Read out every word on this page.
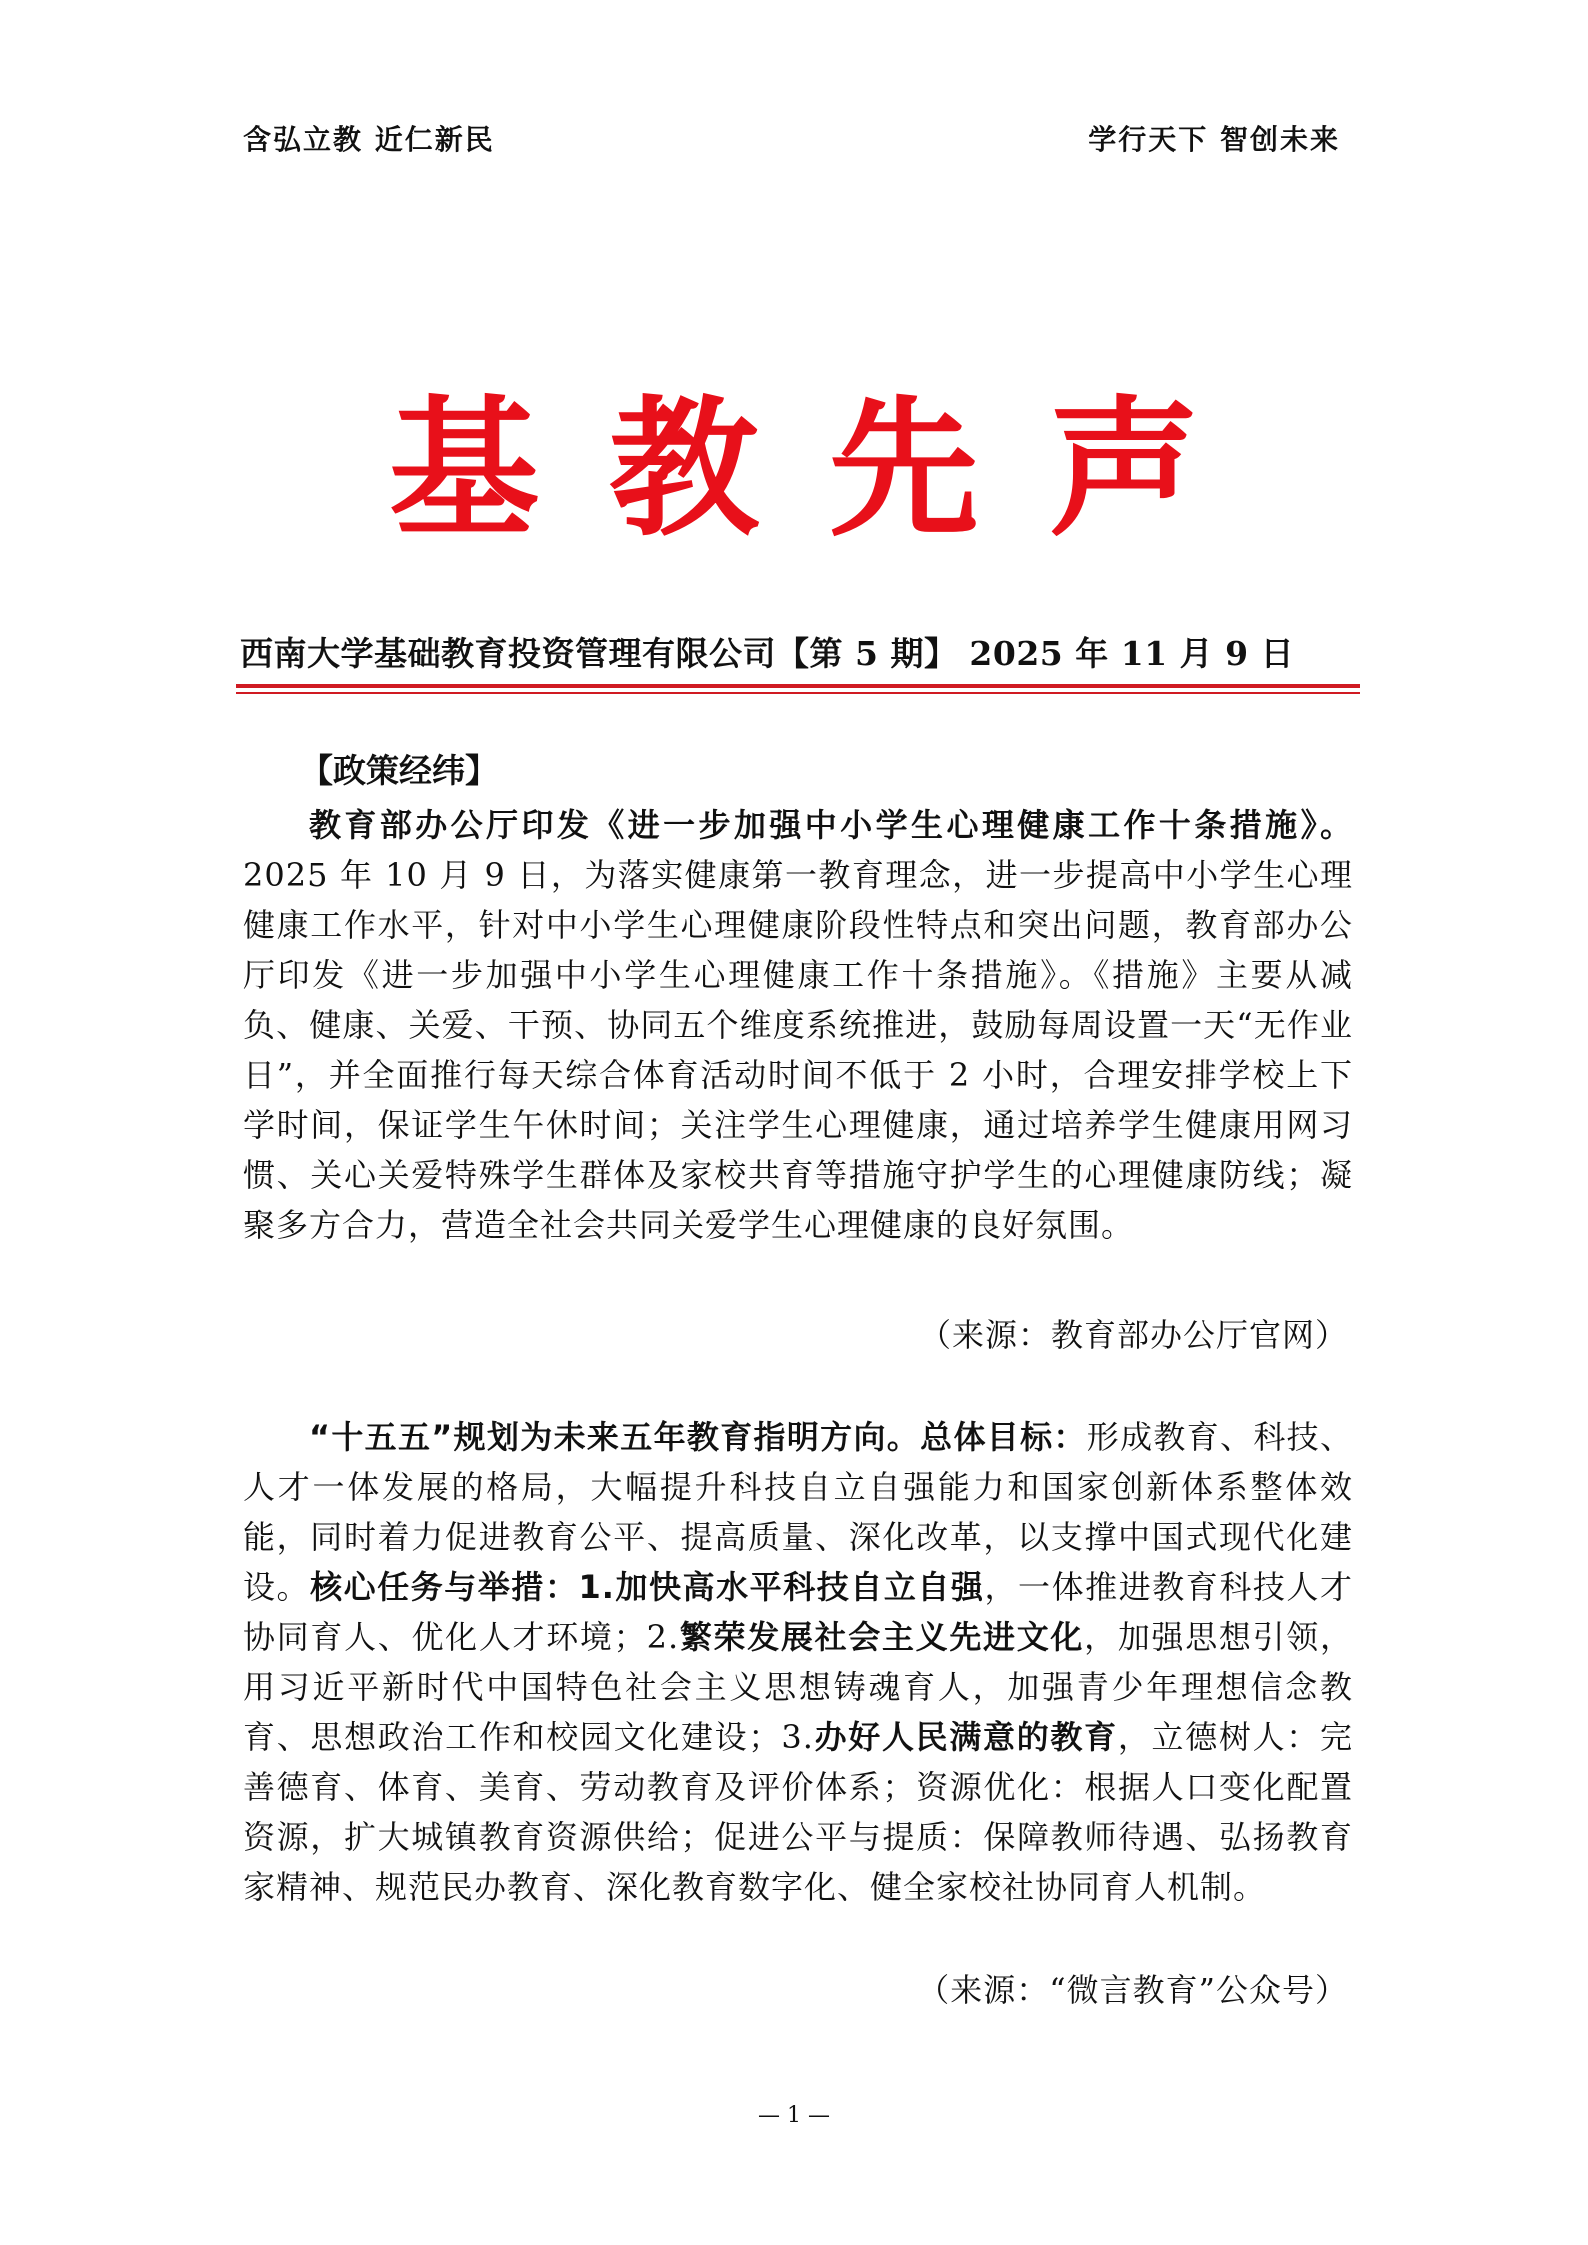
含弘立教 近仁新民	学行天下 智创未来
基教先声
西南大学基础教育投资管理有限公司【第 5 期】 2025 年 11 月 9 日
【政策经纬】
教育部办公厅印发《进一步加强中小学生心理健康工作十条措施》。2025 年 10 月 9 日，为落实健康第一教育理念，进一步提高中小学生心理健康工作水平，针对中小学生心理健康阶段性特点和突出问题，教育部办公厅印发《进一步加强中小学生心理健康工作十条措施》。《措施》主要从减负、健康、关爱、干预、协同五个维度系统推进，鼓励每周设置一天“无作业日”，并全面推行每天综合体育活动时间不低于 2 小时，合理安排学校上下学时间，保证学生午休时间；关注学生心理健康，通过培养学生健康用网习惯、关心关爱特殊学生群体及家校共育等措施守护学生的心理健康防线；凝聚多方合力，营造全社会共同关爱学生心理健康的良好氛围。
（来源：教育部办公厅官网）
“十五五”规划为未来五年教育指明方向。总体目标：形成教育、科技、人才一体发展的格局，大幅提升科技自立自强能力和国家创新体系整体效能，同时着力促进教育公平、提高质量、深化改革，以支撑中国式现代化建设。核心任务与举措：1.加快高水平科技自立自强，一体推进教育科技人才协同育人、优化人才环境；2.繁荣发展社会主义先进文化，加强思想引领，用习近平新时代中国特色社会主义思想铸魂育人，加强青少年理想信念教育、思想政治工作和校园文化建设；3.办好人民满意的教育，立德树人：完善德育、体育、美育、劳动教育及评价体系；资源优化：根据人口变化配置资源，扩大城镇教育资源供给；促进公平与提质：保障教师待遇、弘扬教育家精神、规范民办教育、深化教育数字化、健全家校社协同育人机制。
（来源：“微言教育”公众号）
— 1 —
